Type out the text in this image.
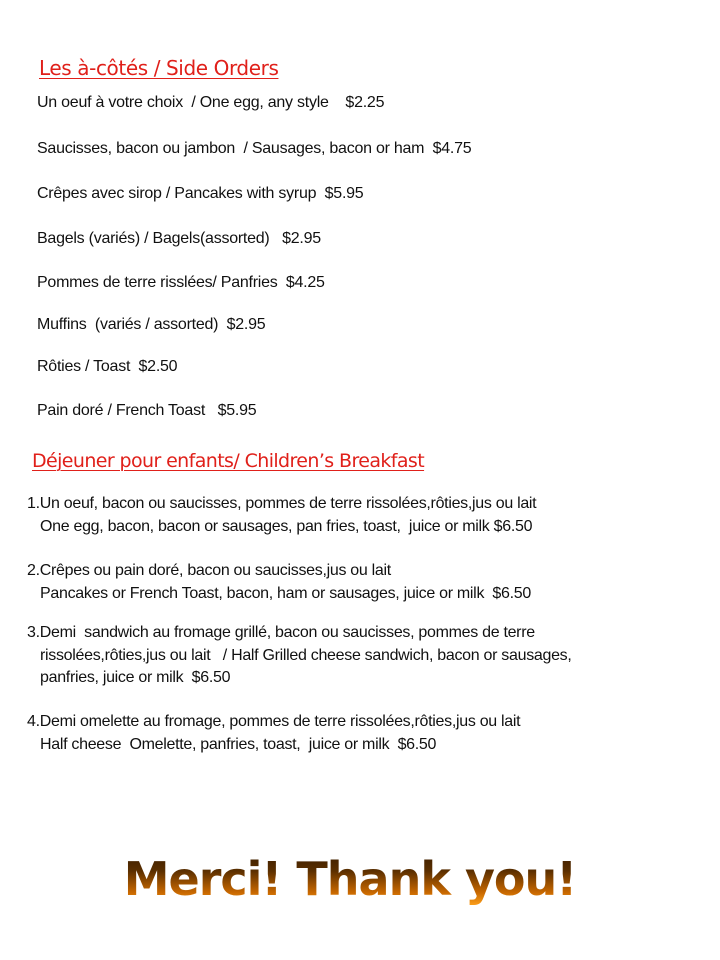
Les à-côtés / Side Orders
Un oeuf à votre choix  / One egg, any style    $2.25
Saucisses, bacon ou jambon  / Sausages, bacon or ham  $4.75
Crêpes avec sirop / Pancakes with syrup  $5.95
Bagels (variés) / Bagels(assorted)   $2.95
Pommes de terre risslées/ Panfries  $4.25
Muffins  (variés / assorted)  $2.95
Rôties / Toast  $2.50
Pain doré / French Toast   $5.95
Déjeuner pour enfants/ Children’s Breakfast
1.Un oeuf, bacon ou saucisses, pommes de terre rissolées,rôties,jus ou lait
One egg, bacon, bacon or sausages, pan fries, toast,  juice or milk $6.50
2.Crêpes ou pain doré, bacon ou saucisses,jus ou lait
Pancakes or French Toast, bacon, ham or sausages, juice or milk  $6.50
3.Demi  sandwich au fromage grillé, bacon ou saucisses, pommes de terre
rissolées,rôties,jus ou lait   / Half Grilled cheese sandwich, bacon or sausages,
panfries, juice or milk  $6.50
4.Demi omelette au fromage, pommes de terre rissolées,rôties,jus ou lait
Half cheese  Omelette, panfries, toast,  juice or milk  $6.50
Merci! Thank you!
